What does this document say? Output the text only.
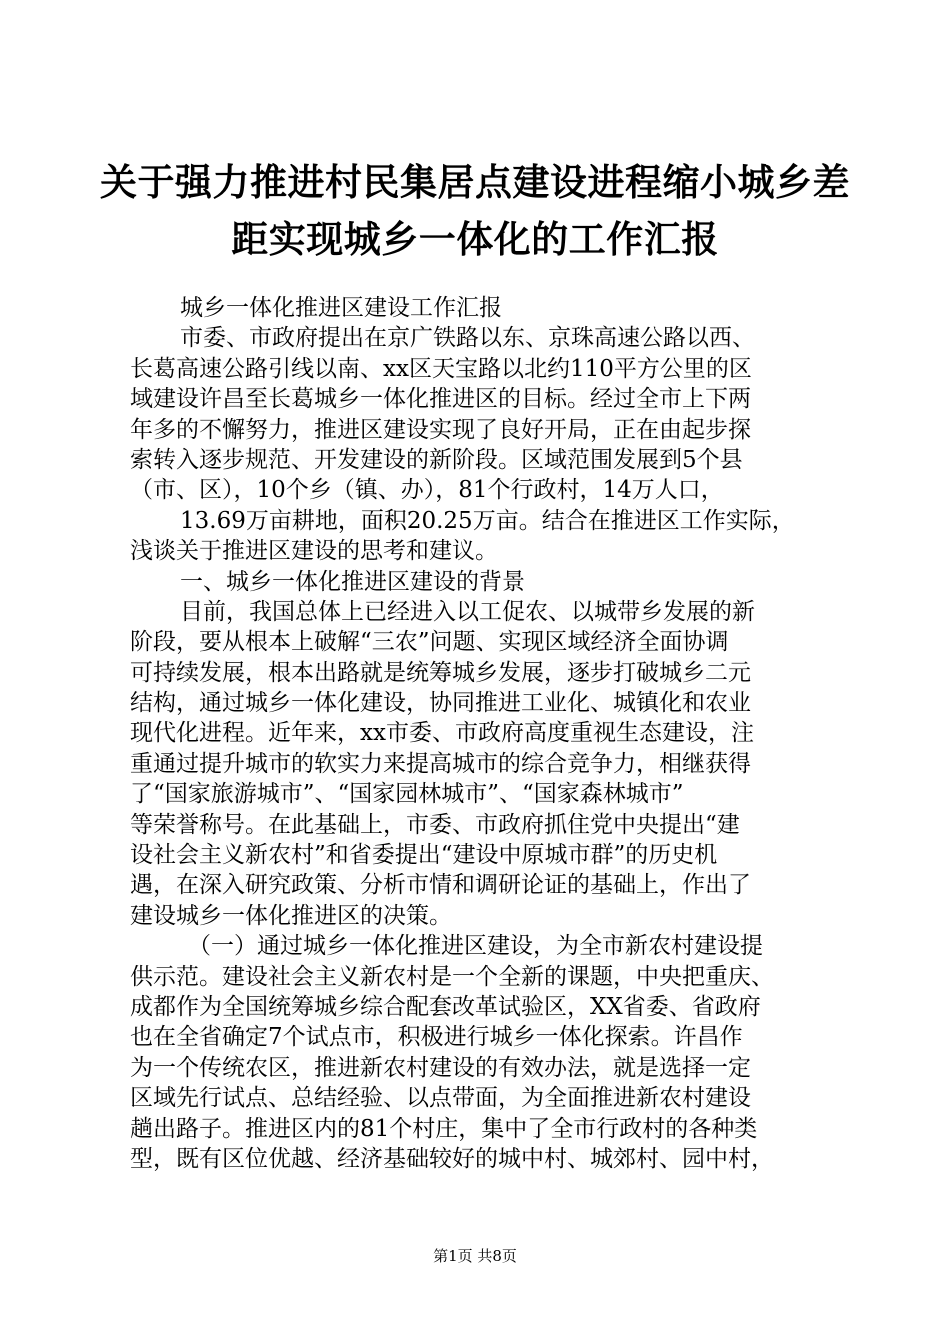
关于强力推进村民集居点建设进程缩小城乡差
距实现城乡一体化的工作汇报
城乡一体化推进区建设工作汇报
市委、市政府提出在京广铁路以东、京珠高速公路以西、
长葛高速公路引线以南、xx区天宝路以北约110平方公里的区
域建设许昌至长葛城乡一体化推进区的目标。经过全市上下两
年多的不懈努力，推进区建设实现了良好开局，正在由起步探
索转入逐步规范、开发建设的新阶段。区域范围发展到5个县
（市、区），10个乡（镇、办），81个行政村，14万人口，
13.69万亩耕地，面积20.25万亩。结合在推进区工作实际，
浅谈关于推进区建设的思考和建议。
一、城乡一体化推进区建设的背景
目前，我国总体上已经进入以工促农、以城带乡发展的新
阶段，要从根本上破解“三农”问题、实现区域经济全面协调
可持续发展，根本出路就是统筹城乡发展，逐步打破城乡二元
结构，通过城乡一体化建设，协同推进工业化、城镇化和农业
现代化进程。近年来，xx市委、市政府高度重视生态建设，注
重通过提升城市的软实力来提高城市的综合竞争力，相继获得
了“国家旅游城市”、“国家园林城市”、“国家森林城市”
等荣誉称号。在此基础上，市委、市政府抓住党中央提出“建
设社会主义新农村”和省委提出“建设中原城市群”的历史机
遇，在深入研究政策、分析市情和调研论证的基础上，作出了
建设城乡一体化推进区的决策。
（一）通过城乡一体化推进区建设，为全市新农村建设提
供示范。建设社会主义新农村是一个全新的课题，中央把重庆、
成都作为全国统筹城乡综合配套改革试验区，XX省委、省政府
也在全省确定7个试点市，积极进行城乡一体化探索。许昌作
为一个传统农区，推进新农村建设的有效办法，就是选择一定
区域先行试点、总结经验、以点带面，为全面推进新农村建设
趟出路子。推进区内的81个村庄，集中了全市行政村的各种类
型，既有区位优越、经济基础较好的城中村、城郊村、园中村，
第1页 共8页
